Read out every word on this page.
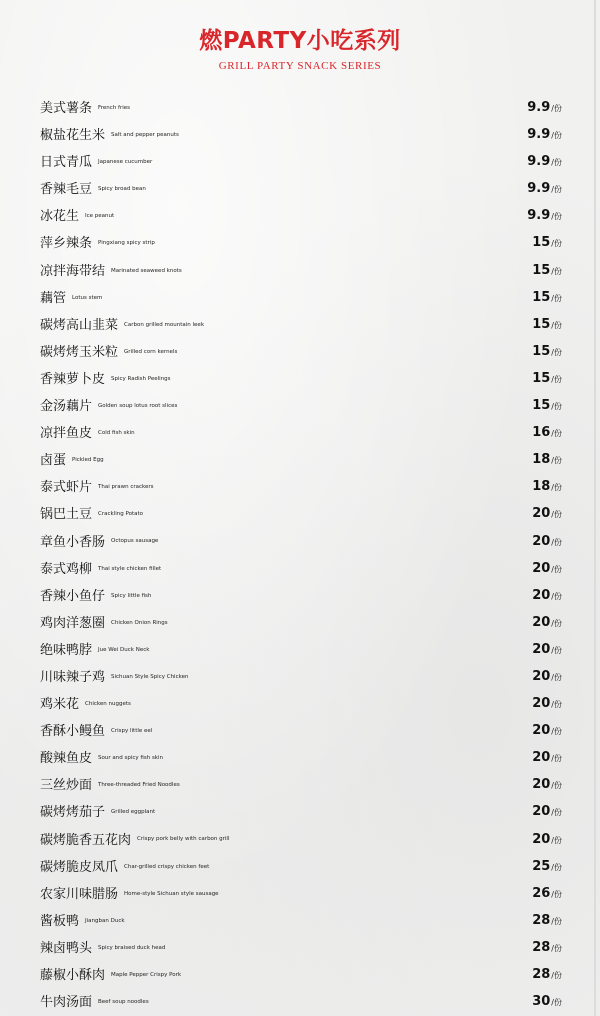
燃PARTY小吃系列
GRILL PARTY SNACK SERIES
美式薯条 French fries	9.9/份
椒盐花生米 Salt and pepper peanuts	9.9/份
日式青瓜 Japanese cucumber	9.9/份
香辣毛豆 Spicy broad bean	9.9/份
冰花生 Ice peanut	9.9/份
萍乡辣条 Pingxiang spicy strip	15/份
凉拌海带结 Marinated seaweed knots	15/份
藕管 Lotus stem	15/份
碳烤高山韭菜 Carbon grilled mountain leek	15/份
碳烤烤玉米粒 Grilled corn kernels	15/份
香辣萝卜皮 Spicy Radish Peelings	15/份
金汤藕片 Golden soup lotus root slices	15/份
凉拌鱼皮 Cold fish skin	16/份
卤蛋 Pickled Egg	18/份
泰式虾片 Thai prawn crackers	18/份
锅巴土豆 Crackling Potato	20/份
章鱼小香肠 Octopus sausage	20/份
泰式鸡柳 Thai style chicken fillet	20/份
香辣小鱼仔 Spicy little fish	20/份
鸡肉洋葱圈 Chicken Onion Rings	20/份
绝味鸭脖 Jue Wei Duck Neck	20/份
川味辣子鸡 Sichuan Style Spicy Chicken	20/份
鸡米花 Chicken nuggets	20/份
香酥小鳗鱼 Crispy little eel	20/份
酸辣鱼皮 Sour and spicy fish skin	20/份
三丝炒面 Three-threaded Fried Noodles	20/份
碳烤烤茄子 Grilled eggplant	20/份
碳烤脆香五花肉 Crispy pork belly with carbon grill	20/份
碳烤脆皮凤爪 Char-grilled crispy chicken feet	25/份
农家川味腊肠 Home-style Sichuan style sausage	26/份
酱板鸭 Jiangban Duck	28/份
辣卤鸭头 Spicy braised duck head	28/份
藤椒小酥肉 Maple Pepper Crispy Pork	28/份
牛肉汤面 Beef soup noodles	30/份
